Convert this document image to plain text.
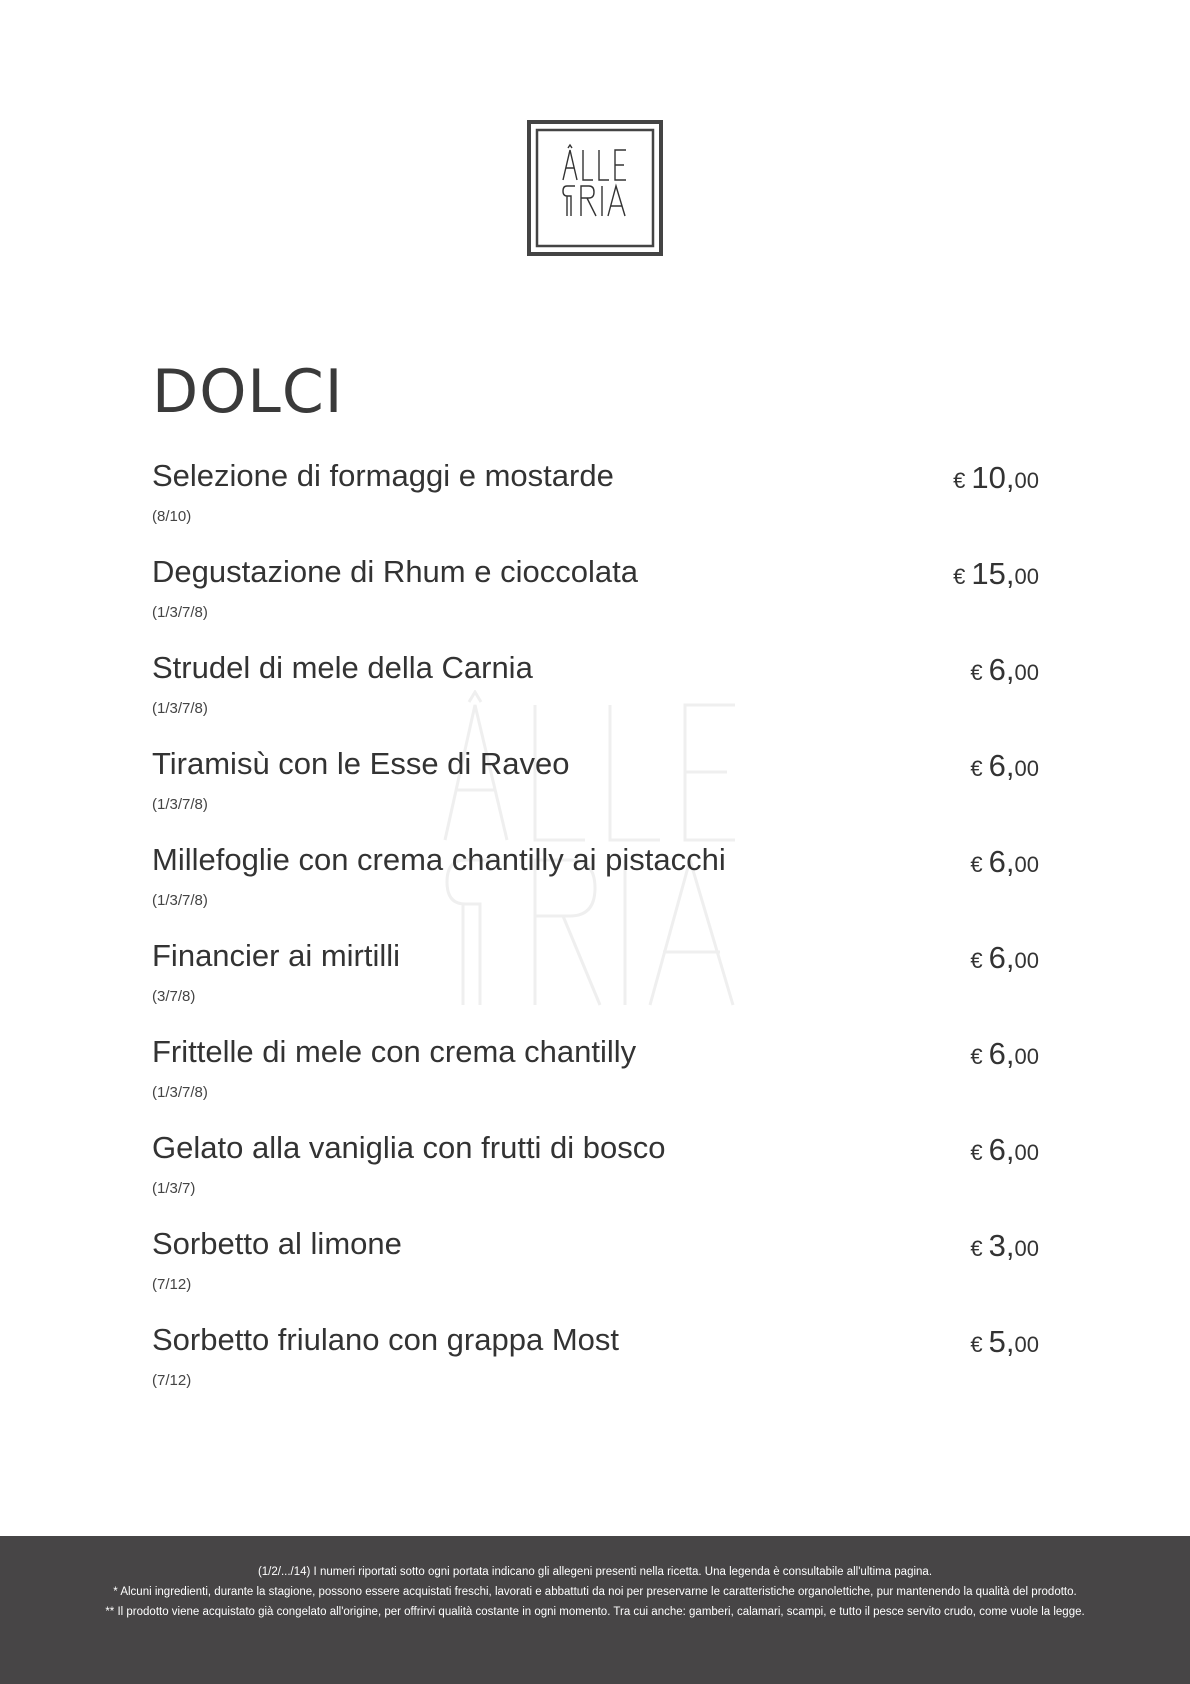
DOLCI
Selezione di formaggi e mostarde
(8/10)
€ 10,00
Degustazione di Rhum e cioccolata
(1/3/7/8)
€ 15,00
Strudel di mele della Carnia
(1/3/7/8)
€ 6,00
Tiramisù con le Esse di Raveo
(1/3/7/8)
€ 6,00
Millefoglie con crema chantilly ai pistacchi
(1/3/7/8)
€ 6,00
Financier ai mirtilli
(3/7/8)
€ 6,00
Frittelle di mele con crema chantilly
(1/3/7/8)
€ 6,00
Gelato alla vaniglia con frutti di bosco
(1/3/7)
€ 6,00
Sorbetto al limone
(7/12)
€ 3,00
Sorbetto friulano con grappa Most
(7/12)
€ 5,00

(1/2/.../14) I numeri riportati sotto ogni portata indicano gli allegeni presenti nella ricetta. Una legenda è consultabile all'ultima pagina.

* Alcuni ingredienti, durante la stagione, possono essere acquistati freschi, lavorati e abbattuti da noi per preservarne le caratteristiche organolettiche, pur mantenendo la qualità del prodotto.

** Il prodotto viene acquistato già congelato all'origine, per offrirvi qualità costante in ogni momento. Tra cui anche: gamberi, calamari, scampi, e tutto il pesce servito crudo, come vuole la legge.
